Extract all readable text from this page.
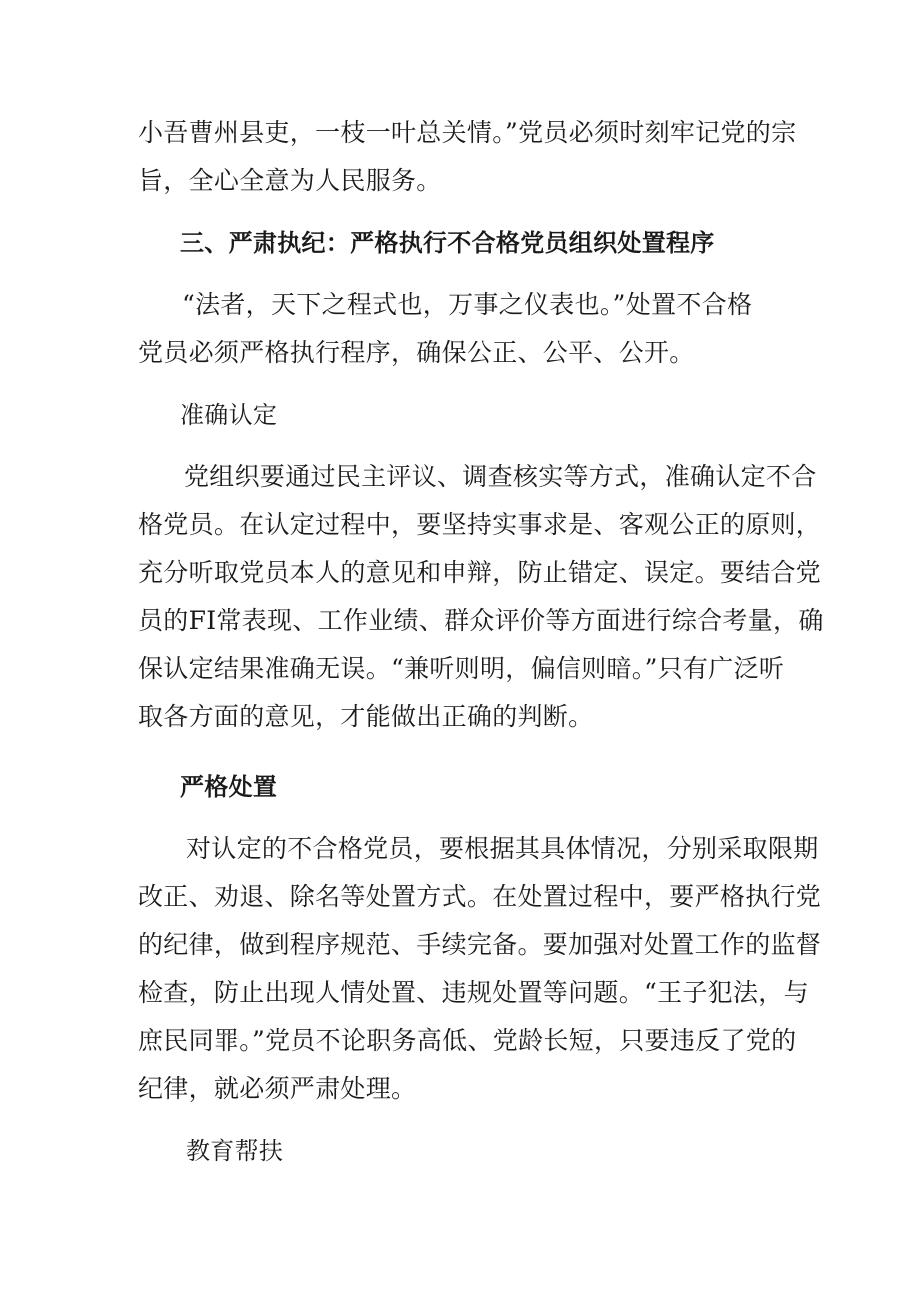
小吾曹州县吏，一枝一叶总关情。”党员必须时刻牢记党的宗
旨，全心全意为人民服务。
三、严肃执纪：严格执行不合格党员组织处置程序
“法者，天下之程式也，万事之仪表也。”处置不合格
党员必须严格执行程序，确保公正、公平、公开。
准确认定
党组织要通过民主评议、调查核实等方式，准确认定不合
格党员。在认定过程中，要坚持实事求是、客观公正的原则，
充分听取党员本人的意见和申辩，防止错定、误定。要结合党
员的FI常表现、工作业绩、群众评价等方面进行综合考量，确
保认定结果准确无误。“兼听则明，偏信则暗。”只有广泛听
取各方面的意见，才能做出正确的判断。
严格处置
对认定的不合格党员，要根据其具体情况，分别采取限期
改正、劝退、除名等处置方式。在处置过程中，要严格执行党
的纪律，做到程序规范、手续完备。要加强对处置工作的监督
检查，防止出现人情处置、违规处置等问题。“王子犯法，与
庶民同罪。”党员不论职务高低、党龄长短，只要违反了党的
纪律，就必须严肃处理。
教育帮扶
